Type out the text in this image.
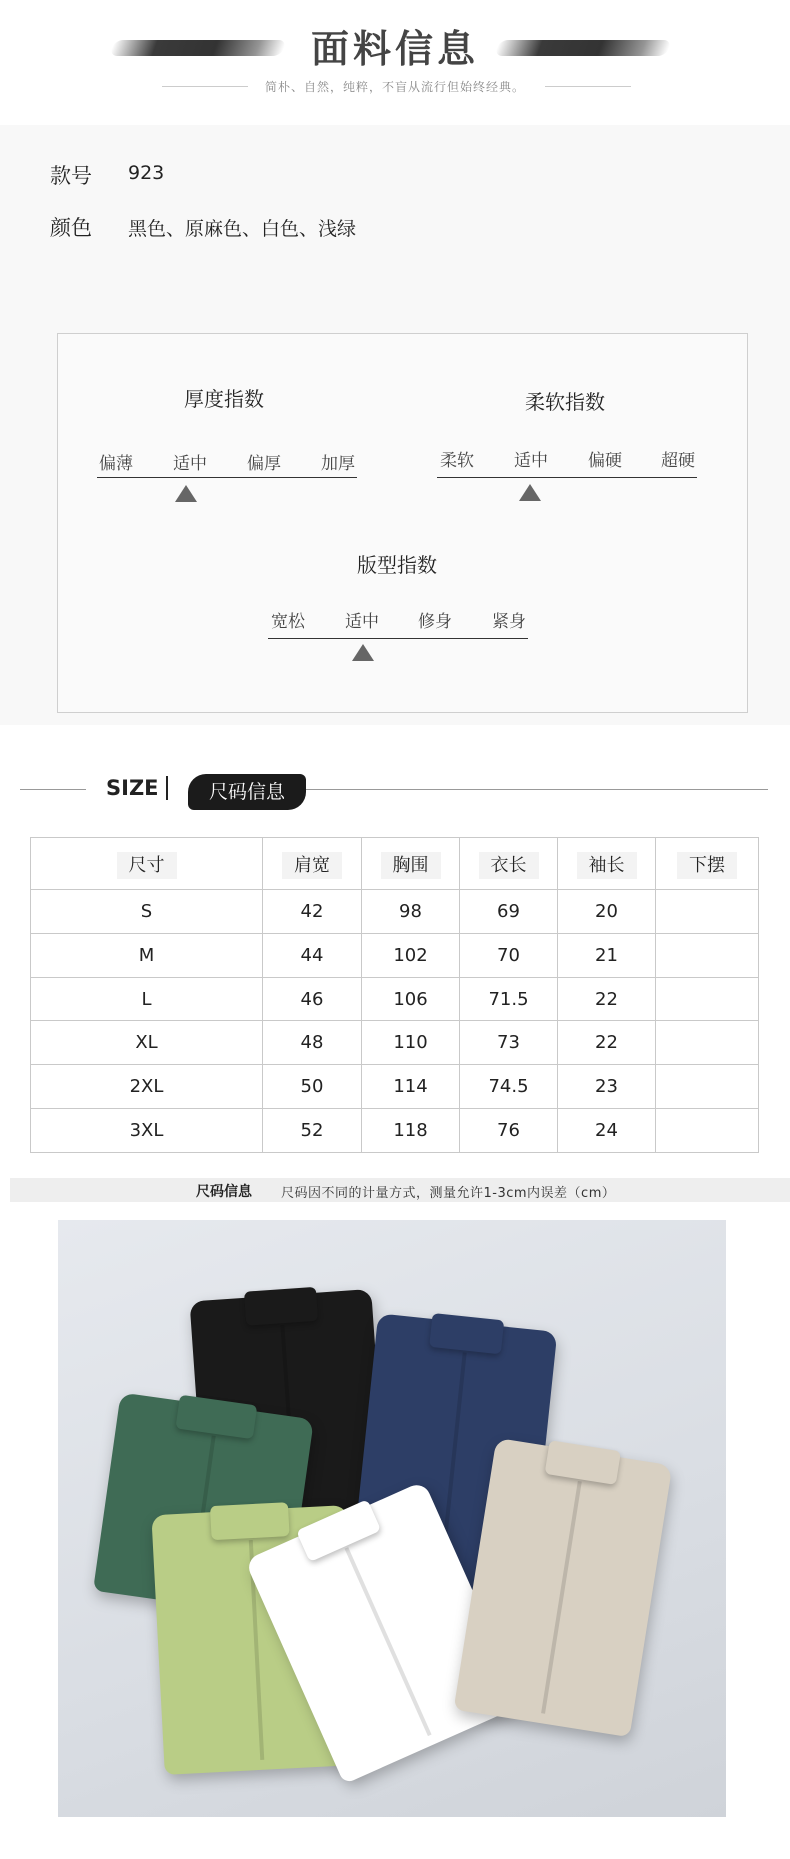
面料信息
简朴、自然，纯粹，不盲从流行但始终经典。
款号 923
颜色 黑色、原麻色、白色、浅绿
厚度指数
偏薄	适中	偏厚	加厚
柔软指数
柔软	适中	偏硬	超硬
版型指数
宽松	适中	修身	紧身
SIZE	尺码信息
尺寸	肩宽	胸围	衣长	袖长	下摆
S	42	98	69	20	
M	44	102	70	21	
L	46	106	71.5	22	
XL	48	110	73	22	
2XL	50	114	74.5	23	
3XL	52	118	76	24	
尺码信息 尺码因不同的计量方式，测量允许1-3cm内误差（cm）
